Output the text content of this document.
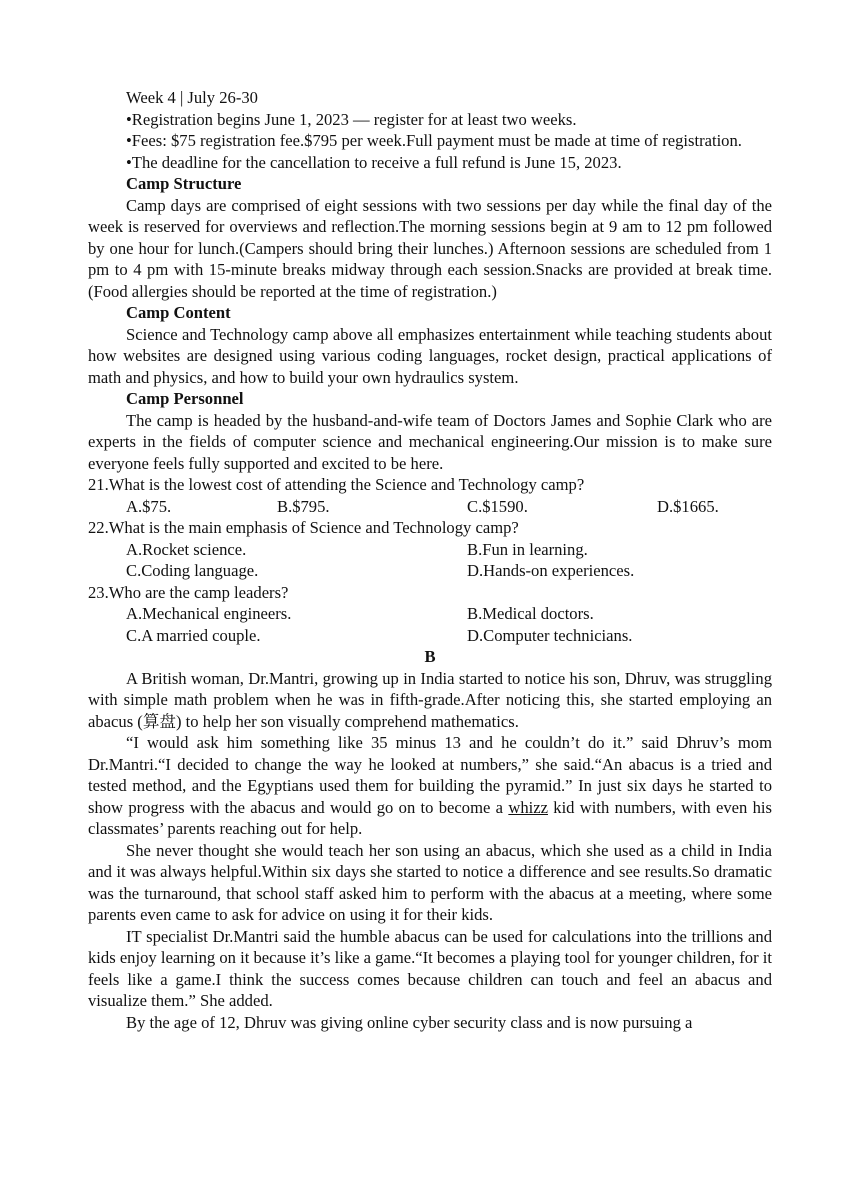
Week 4 | July 26-30

•Registration begins June 1, 2023 — register for at least two weeks.

•Fees: $75 registration fee.$795 per week.Full payment must be made at time of registration.

•The deadline for the cancellation to receive a full refund is June 15, 2023.

Camp Structure

Camp days are comprised of eight sessions with two sessions per day while the final day of the week is reserved for overviews and reflection.The morning sessions begin at 9 am to 12 pm followed by one hour for lunch.(Campers should bring their lunches.) Afternoon sessions are scheduled from 1 pm to 4 pm with 15-minute breaks midway through each session.Snacks are provided at break time.(Food allergies should be reported at the time of registration.)

Camp Content

Science and Technology camp above all emphasizes entertainment while teaching students about how websites are designed using various coding languages, rocket design, practical applications of math and physics, and how to build your own hydraulics system.

Camp Personnel

The camp is headed by the husband-and-wife team of Doctors James and Sophie Clark who are experts in the fields of computer science and mechanical engineering.Our mission is to make sure everyone feels fully supported and excited to be here.

21.What is the lowest cost of attending the Science and Technology camp?

A.$75.	B.$795.	C.$1590.	D.$1665.

22.What is the main emphasis of Science and Technology camp?

A.Rocket science.	B.Fun in learning.
C.Coding language.	D.Hands-on experiences.

23.Who are the camp leaders?

A.Mechanical engineers.	B.Medical doctors.
C.A married couple.	D.Computer technicians.

B

A British woman, Dr.Mantri, growing up in India started to notice his son, Dhruv, was struggling with simple math problem when he was in fifth-grade.After noticing this, she started employing an abacus (算盘) to help her son visually comprehend mathematics.

“I would ask him something like 35 minus 13 and he couldn’t do it.” said Dhruv’s mom Dr.Mantri.“I decided to change the way he looked at numbers,” she said.“An abacus is a tried and tested method, and the Egyptians used them for building the pyramid.” In just six days he started to show progress with the abacus and would go on to become a whizz kid with numbers, with even his classmates’ parents reaching out for help.

She never thought she would teach her son using an abacus, which she used as a child in India and it was always helpful.Within six days she started to notice a difference and see results.So dramatic was the turnaround, that school staff asked him to perform with the abacus at a meeting, where some parents even came to ask for advice on using it for their kids.

IT specialist Dr.Mantri said the humble abacus can be used for calculations into the trillions and kids enjoy learning on it because it’s like a game.“It becomes a playing tool for younger children, for it feels like a game.I think the success comes because children can touch and feel an abacus and visualize them.” She added.

By the age of 12, Dhruv was giving online cyber security class and is now pursuing a
